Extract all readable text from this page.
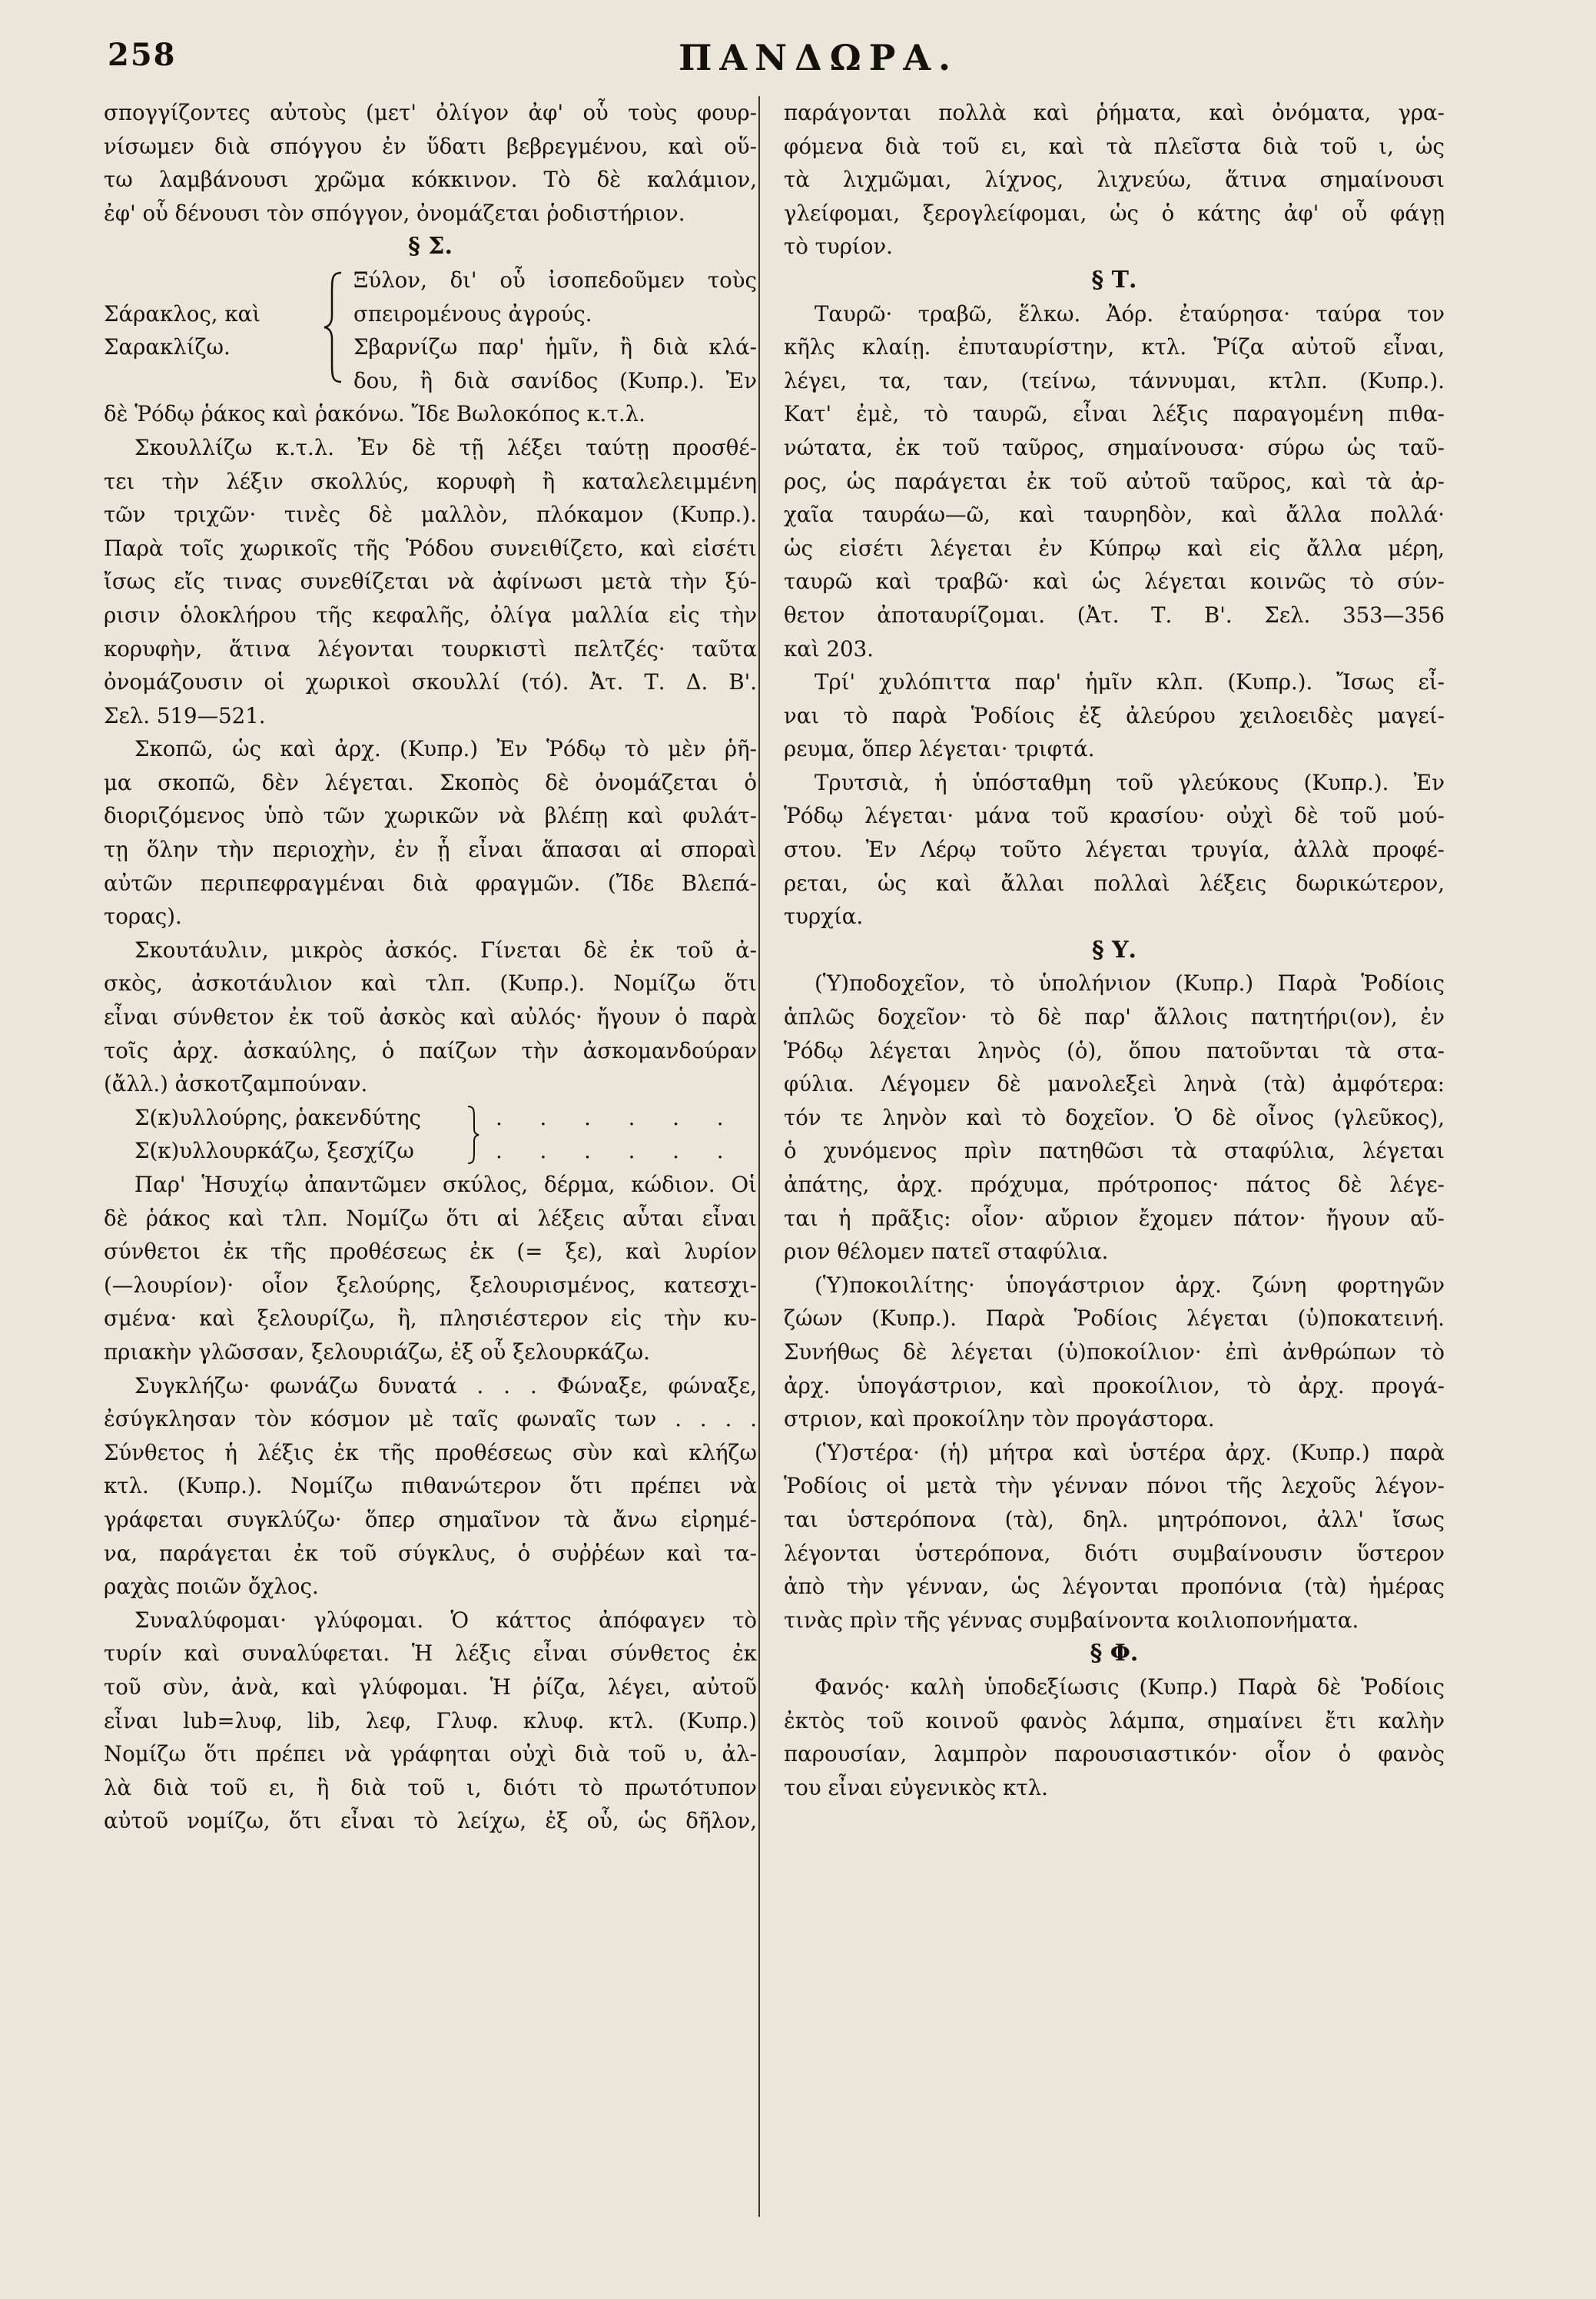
258	ΠΑΝΔΩΡΑ.
σπογγίζοντες αὐτοὺς (μετ' ὀλίγον ἀφ' οὗ τοὺς φουρ-
νίσωμεν διὰ σπόγγου ἐν ὕδατι βεβρεγμένου, καὶ οὕ-
τω λαμβάνουσι χρῶμα κόκκινον. Τὸ δὲ καλάμιον,
ἐφ' οὗ δένουσι τὸν σπόγγον, ὀνομάζεται ῥοδιστήριον.
§ Σ.
Σάρακλος, καὶ
Σαρακλίζω.
Ξύλον, δι' οὗ ἰσοπεδοῦμεν τοὺς
σπειρομένους ἀγρούς.
Σβαρνίζω παρ' ἡμῖν, ἢ διὰ κλά-
δου, ἢ διὰ σανίδος (Κυπρ.). Ἐν
δὲ Ῥόδῳ ῥάκος καὶ ῥακόνω. Ἴδε Βωλοκόπος κ.τ.λ.
Σκουλλίζω κ.τ.λ. Ἐν δὲ τῇ λέξει ταύτῃ προσθέ-
τει τὴν λέξιν σκολλύς, κορυφὴ ἢ καταλελειμμένη
τῶν τριχῶν· τινὲς δὲ μαλλὸν, πλόκαμον (Κυπρ.).
Παρὰ τοῖς χωρικοῖς τῆς Ῥόδου συνειθίζετο, καὶ εἰσέτι
ἴσως εἴς τινας συνεθίζεται νὰ ἀφίνωσι μετὰ τὴν ξύ-
ρισιν ὁλοκλήρου τῆς κεφαλῆς, ὀλίγα μαλλία εἰς τὴν
κορυφὴν, ἅτινα λέγονται τουρκιστὶ πελτζές· ταῦτα
ὀνομάζουσιν οἱ χωρικοὶ σκουλλί (τό). Ἀτ. Τ. Δ. Β'.
Σελ. 519—521.
Σκοπῶ, ὡς καὶ ἀρχ. (Κυπρ.) Ἐν Ῥόδῳ τὸ μὲν ῥῆ-
μα σκοπῶ, δὲν λέγεται. Σκοπὸς δὲ ὀνομάζεται ὁ
διοριζόμενος ὑπὸ τῶν χωρικῶν νὰ βλέπῃ καὶ φυλάτ-
τῃ ὅλην τὴν περιοχὴν, ἐν ᾗ εἶναι ἅπασαι αἱ σποραὶ
αὐτῶν περιπεφραγμέναι διὰ φραγμῶν. (Ἴδε Βλεπά-
τορας).
Σκουτάυλιν, μικρὸς ἀσκός. Γίνεται δὲ ἐκ τοῦ ἀ-
σκὸς, ἀσκοτάυλιον καὶ τλπ. (Κυπρ.). Νομίζω ὅτι
εἶναι σύνθετον ἐκ τοῦ ἀσκὸς καὶ αὐλός· ἤγουν ὁ παρὰ
τοῖς ἀρχ. ἀσκαύλης, ὁ παίζων τὴν ἀσκομανδούραν
(ἄλλ.) ἀσκοτζαμπούναν.
Σ(κ)υλλούρης, ῥακενδύτης
Σ(κ)υλλουρκάζω, ξεσχίζω
. . . . . .
. . . . . .
Παρ' Ἡσυχίῳ ἀπαντῶμεν σκύλος, δέρμα, κώδιον. Οἱ
δὲ ῥάκος καὶ τλπ. Νομίζω ὅτι αἱ λέξεις αὗται εἶναι
σύνθετοι ἐκ τῆς προθέσεως ἐκ (= ξε), καὶ λυρίον
(—λουρίον)· οἷον ξελούρης, ξελουρισμένος, κατεσχι-
σμένα· καὶ ξελουρίζω, ἢ, πλησιέστερον εἰς τὴν κυ-
πριακὴν γλῶσσαν, ξελουριάζω, ἐξ οὗ ξελουρκάζω.
Συγκλήζω· φωνάζω δυνατά . . . Φώναξε, φώναξε,
ἐσύγκλησαν τὸν κόσμον μὲ ταῖς φωναῖς των . . . .
Σύνθετος ἡ λέξις ἐκ τῆς προθέσεως σὺν καὶ κλήζω
κτλ. (Κυπρ.). Νομίζω πιθανώτερον ὅτι πρέπει νὰ
γράφεται συγκλύζω· ὅπερ σημαῖνον τὰ ἄνω εἰρημέ-
να, παράγεται ἐκ τοῦ σύγκλυς, ὁ συῤῥέων καὶ τα-
ραχὰς ποιῶν ὄχλος.
Συναλύφομαι· γλύφομαι. Ὁ κάττος ἀπόφαγεν τὸ
τυρίν καὶ συναλύφεται. Ἡ λέξις εἶναι σύνθετος ἐκ
τοῦ σὺν, ἀνὰ, καὶ γλύφομαι. Ἡ ῥίζα, λέγει, αὐτοῦ
εἶναι lub=λυφ, lib, λεφ, Γλυφ. κλυφ. κτλ. (Κυπρ.)
Νομίζω ὅτι πρέπει νὰ γράφηται οὐχὶ διὰ τοῦ υ, ἀλ-
λὰ διὰ τοῦ ει, ἢ διὰ τοῦ ι, διότι τὸ πρωτότυπον
αὐτοῦ νομίζω, ὅτι εἶναι τὸ λείχω, ἐξ οὗ, ὡς δῆλον,
παράγονται πολλὰ καὶ ῥήματα, καὶ ὀνόματα, γρα-
φόμενα διὰ τοῦ ει, καὶ τὰ πλεῖστα διὰ τοῦ ι, ὡς
τὰ λιχμῶμαι, λίχνος, λιχνεύω, ἅτινα σημαίνουσι
γλείφομαι, ξερογλείφομαι, ὡς ὁ κάτης ἀφ' οὗ φάγῃ
τὸ τυρίον.
§ Τ.
Ταυρῶ· τραβῶ, ἕλκω. Ἀόρ. ἐταύρησα· ταύρα τον
κῆλς κλαίῃ. ἐπυταυρίστην, κτλ. Ῥίζα αὐτοῦ εἶναι,
λέγει, τα, ταν, (τείνω, τάννυμαι, κτλπ. (Κυπρ.).
Κατ' ἐμὲ, τὸ ταυρῶ, εἶναι λέξις παραγομένη πιθα-
νώτατα, ἐκ τοῦ ταῦρος, σημαίνουσα· σύρω ὡς ταῦ-
ρος, ὡς παράγεται ἐκ τοῦ αὐτοῦ ταῦρος, καὶ τὰ ἀρ-
χαῖα ταυράω—ῶ, καὶ ταυρηδὸν, καὶ ἄλλα πολλά·
ὡς εἰσέτι λέγεται ἐν Κύπρῳ καὶ εἰς ἄλλα μέρη,
ταυρῶ καὶ τραβῶ· καὶ ὡς λέγεται κοινῶς τὸ σύν-
θετον ἀποταυρίζομαι. (Ἀτ. Τ. Β'. Σελ. 353—356
καὶ 203.
Τρί' χυλόπιττα παρ' ἡμῖν κλπ. (Κυπρ.). Ἴσως εἶ-
ναι τὸ παρὰ Ῥοδίοις ἐξ ἀλεύρου χειλοειδὲς μαγεί-
ρευμα, ὅπερ λέγεται· τριφτά.
Τρυτσιὰ, ἡ ὑπόσταθμη τοῦ γλεύκους (Κυπρ.). Ἐν
Ῥόδῳ λέγεται· μάνα τοῦ κρασίου· οὐχὶ δὲ τοῦ μού-
στου. Ἐν Λέρῳ τοῦτο λέγεται τρυγία, ἀλλὰ προφέ-
ρεται, ὡς καὶ ἄλλαι πολλαὶ λέξεις δωρικώτερον,
τυρχία.
§ Υ.
(Ὑ)ποδοχεῖον, τὸ ὑπολήνιον (Κυπρ.) Παρὰ Ῥοδίοις
ἁπλῶς δοχεῖον· τὸ δὲ παρ' ἄλλοις πατητήρι(ον), ἐν
Ῥόδῳ λέγεται ληνὸς (ὁ), ὅπου πατοῦνται τὰ στα-
φύλια. Λέγομεν δὲ μανολεξεὶ ληνὰ (τὰ) ἀμφότερα:
τόν τε ληνὸν καὶ τὸ δοχεῖον. Ὁ δὲ οἶνος (γλεῦκος),
ὁ χυνόμενος πρὶν πατηθῶσι τὰ σταφύλια, λέγεται
ἀπάτης, ἀρχ. πρόχυμα, πρότροπος· πάτος δὲ λέγε-
ται ἡ πρᾶξις: οἷον· αὔριον ἔχομεν πάτον· ἤγουν αὔ-
ριον θέλομεν πατεῖ σταφύλια.
(Ὑ)ποκοιλίτης· ὑπογάστριον ἀρχ. ζώνη φορτηγῶν
ζώων (Κυπρ.). Παρὰ Ῥοδίοις λέγεται (ὑ)ποκατεινή.
Συνήθως δὲ λέγεται (ὑ)ποκοίλιον· ἐπὶ ἀνθρώπων τὸ
ἀρχ. ὑπογάστριον, καὶ προκοίλιον, τὸ ἀρχ. προγά-
στριον, καὶ προκοίλην τὸν προγάστορα.
(Ὑ)στέρα· (ἡ) μήτρα καὶ ὑστέρα ἀρχ. (Κυπρ.) παρὰ
Ῥοδίοις οἱ μετὰ τὴν γένναν πόνοι τῆς λεχοῦς λέγον-
ται ὑστερόπονα (τὰ), δηλ. μητρόπονοι, ἀλλ' ἴσως
λέγονται ὑστερόπονα, διότι συμβαίνουσιν ὕστερον
ἀπὸ τὴν γένναν, ὡς λέγονται προπόνια (τὰ) ἡμέρας
τινὰς πρὶν τῆς γέννας συμβαίνοντα κοιλιοπονήματα.
§ Φ.
Φανός· καλὴ ὑποδεξίωσις (Κυπρ.) Παρὰ δὲ Ῥοδίοις
ἐκτὸς τοῦ κοινοῦ φανὸς λάμπα, σημαίνει ἔτι καλὴν
παρουσίαν, λαμπρὸν παρουσιαστικόν· οἷον ὁ φανὸς
του εἶναι εὐγενικὸς κτλ.
